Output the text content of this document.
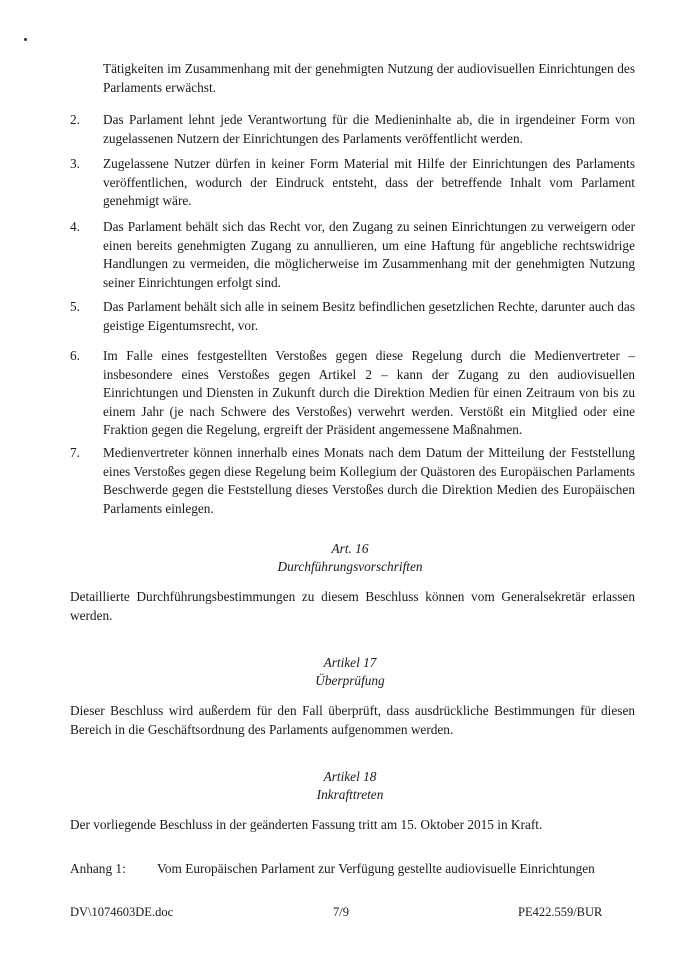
Tätigkeiten im Zusammenhang mit der genehmigten Nutzung der audiovisuellen Einrichtungen des Parlaments erwächst.
2.	Das Parlament lehnt jede Verantwortung für die Medieninhalte ab, die in irgendeiner Form von zugelassenen Nutzern der Einrichtungen des Parlaments veröffentlicht werden.
3.	Zugelassene Nutzer dürfen in keiner Form Material mit Hilfe der Einrichtungen des Parlaments veröffentlichen, wodurch der Eindruck entsteht, dass der betreffende Inhalt vom Parlament genehmigt wäre.
4.	Das Parlament behält sich das Recht vor, den Zugang zu seinen Einrichtungen zu verweigern oder einen bereits genehmigten Zugang zu annullieren, um eine Haftung für angebliche rechtswidrige Handlungen zu vermeiden, die möglicherweise im Zusammenhang mit der genehmigten Nutzung seiner Einrichtungen erfolgt sind.
5.	Das Parlament behält sich alle in seinem Besitz befindlichen gesetzlichen Rechte, darunter auch das geistige Eigentumsrecht, vor.
6.	Im Falle eines festgestellten Verstoßes gegen diese Regelung durch die Medienvertreter – insbesondere eines Verstoßes gegen Artikel 2 – kann der Zugang zu den audiovisuellen Einrichtungen und Diensten in Zukunft durch die Direktion Medien für einen Zeitraum von bis zu einem Jahr (je nach Schwere des Verstoßes) verwehrt werden. Verstößt ein Mitglied oder eine Fraktion gegen die Regelung, ergreift der Präsident angemessene Maßnahmen.
7.	Medienvertreter können innerhalb eines Monats nach dem Datum der Mitteilung der Feststellung eines Verstoßes gegen diese Regelung beim Kollegium der Quästoren des Europäischen Parlaments Beschwerde gegen die Feststellung dieses Verstoßes durch die Direktion Medien des Europäischen Parlaments einlegen.
Art. 16
Durchführungsvorschriften
Detaillierte Durchführungsbestimmungen zu diesem Beschluss können vom Generalsekretär erlassen werden.
Artikel 17
Überprüfung
Dieser Beschluss wird außerdem für den Fall überprüft, dass ausdrückliche Bestimmungen für diesen Bereich in die Geschäftsordnung des Parlaments aufgenommen werden.
Artikel 18
Inkrafttreten
Der vorliegende Beschluss in der geänderten Fassung tritt am 15. Oktober 2015 in Kraft.
Anhang 1: Vom Europäischen Parlament zur Verfügung gestellte audiovisuelle Einrichtungen
DV\1074603DE.doc	7/9	PE422.559/BUR
